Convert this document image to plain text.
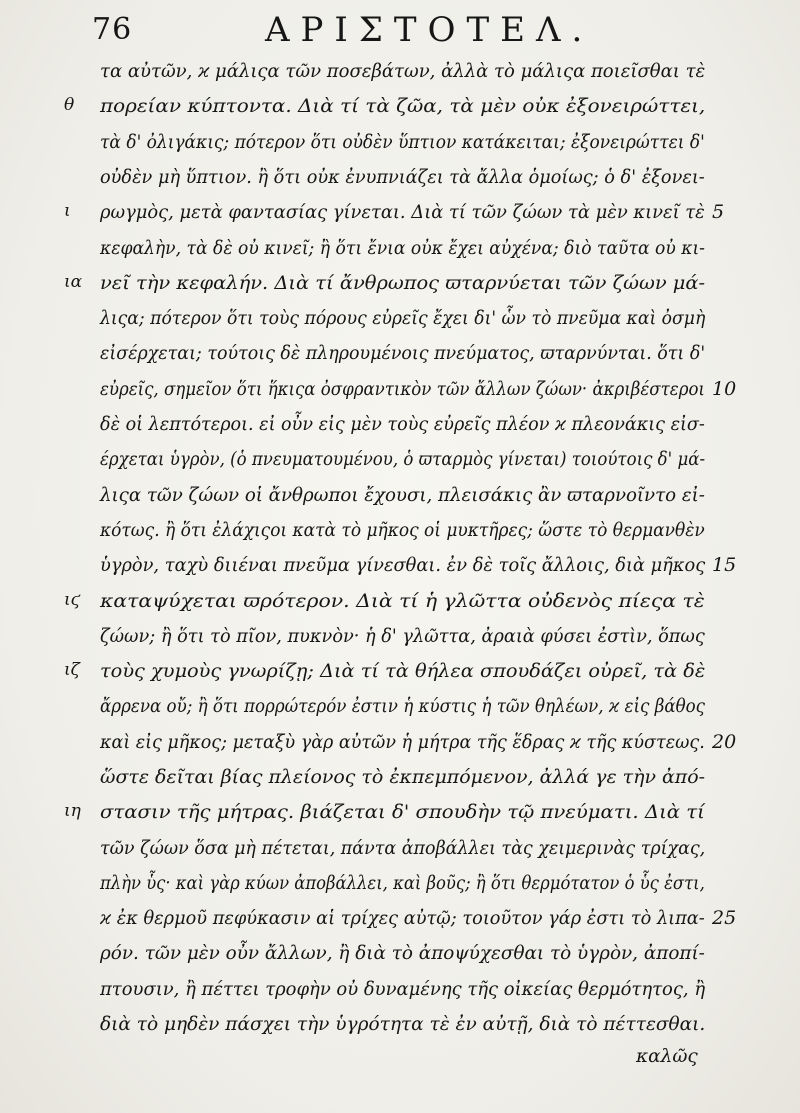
76	ΑΡΙΣΤΟΤΕΛ.
τα αὐτῶν, ϰ μάλιςα τῶν ποσεβάτων, ἀλλὰ τὸ μάλιςα ποιεῖσθαι τὲ
θ	πορείαν κύπτοντα. Διὰ τί τὰ ζῶα, τὰ μὲν οὐκ ἐξονειρώττει,
τὰ δ' ὀλιγάκις; πότερον ὅτι οὐδὲν ὕπτιον κατάκειται; ἐξονειρώττει δ'
οὐδὲν μὴ ὕπτιον. ἢ ὅτι οὐκ ἐνυπνιάζει τὰ ἄλλα ὁμοίως; ὁ δ' ἐξονει-
ι	ρωγμὸς, μετὰ φαντασίας γίνεται. Διὰ τί τῶν ζώων τὰ μὲν κινεῖ τὲ 5
κεφαλὴν, τὰ δὲ οὐ κινεῖ; ἢ ὅτι ἔνια οὐκ ἔχει αὐχένα; διὸ ταῦτα οὐ κι-
ια νεῖ τὴν κεφαλήν. Διὰ τί ἄνθρωπος ϖταρνύεται τῶν ζώων μά-
λιςα; πότερον ὅτι τοὺς πόρους εὐρεῖς ἔχει δι' ὧν τὸ πνεῦμα καὶ ὀσμὴ
εἰσέρχεται; τούτοις δὲ πληρουμένοις πνεύματος, ϖταρνύνται. ὅτι δ'
εὐρεῖς, σημεῖον ὅτι ἥκιςα ὀσφραντικὸν τῶν ἄλλων ζώων· ἀκριβέστεροι 10
δὲ οἱ λεπτότεροι. εἰ οὖν εἰς μὲν τοὺς εὐρεῖς πλέον ϰ πλεονάκις εἰσ-
έρχεται ὑγρὸν, (ὁ πνευματουμένου, ὁ ϖταρμὸς γίνεται) τοιούτοις δ' μά-
λιςα τῶν ζώων οἱ ἄνθρωποι ἔχουσι, πλεισάκις ἂν ϖταρνοῖντο εἰ-
κότως. ἢ ὅτι ἐλάχιςοι κατὰ τὸ μῆκος οἱ μυκτῆρες; ὥστε τὸ θερμανθὲν
ὑγρὸν, ταχὺ διιέναι πνεῦμα γίνεσθαι. ἐν δὲ τοῖς ἄλλοις, διὰ μῆκος 15
ιϛ	καταψύχεται ϖρότερον. Διὰ τί ἡ γλῶττα οὐδενὸς πίεςα τὲ
ζώων; ἢ ὅτι τὸ πῖον, πυκνὸν· ἡ δ' γλῶττα, ἀραιὰ φύσει ἐστὶν, ὅπως
ιζ	τοὺς χυμοὺς γνωρίζῃ; Διὰ τί τὰ θήλεα σπουδάζει οὐρεῖ, τὰ δὲ
ἄρρενα οὔ; ἢ ὅτι πορρώτερόν ἐστιν ἡ κύστις ἡ τῶν θηλέων, ϰ εἰς βάθος
καὶ εἰς μῆκος; μεταξὺ γὰρ αὐτῶν ἡ μήτρα τῆς ἕδρας ϰ τῆς κύστεως. 20
ὥστε δεῖται βίας πλείονος τὸ ἐκπεμπόμενον, ἀλλά γε τὴν ἀπό-
ιη	στασιν τῆς μήτρας. βιάζεται δ' σπουδὴν τῷ πνεύματι. Διὰ τί
τῶν ζώων ὅσα μὴ πέτεται, πάντα ἀποβάλλει τὰς χειμερινὰς τρίχας,
πλὴν ὗς· καὶ γὰρ κύων ἀποβάλλει, καὶ βοῦς; ἢ ὅτι θερμότατον ὁ ὗς ἐστι,
ϰ ἐκ θερμοῦ πεφύκασιν αἱ τρίχες αὐτῷ; τοιοῦτον γάρ ἐστι τὸ λιπα- 25
ρόν. τῶν μὲν οὖν ἄλλων, ἢ διὰ τὸ ἀποψύχεσθαι τὸ ὑγρὸν, ἀποπί-
πτουσιν, ἢ πέττει τροφὴν οὐ δυναμένης τῆς οἰκείας θερμότητος, ἢ
διὰ τὸ μηδὲν πάσχει τὴν ὑγρότητα τὲ ἐν αὐτῇ, διὰ τὸ πέττεσθαι.
καλῶς
